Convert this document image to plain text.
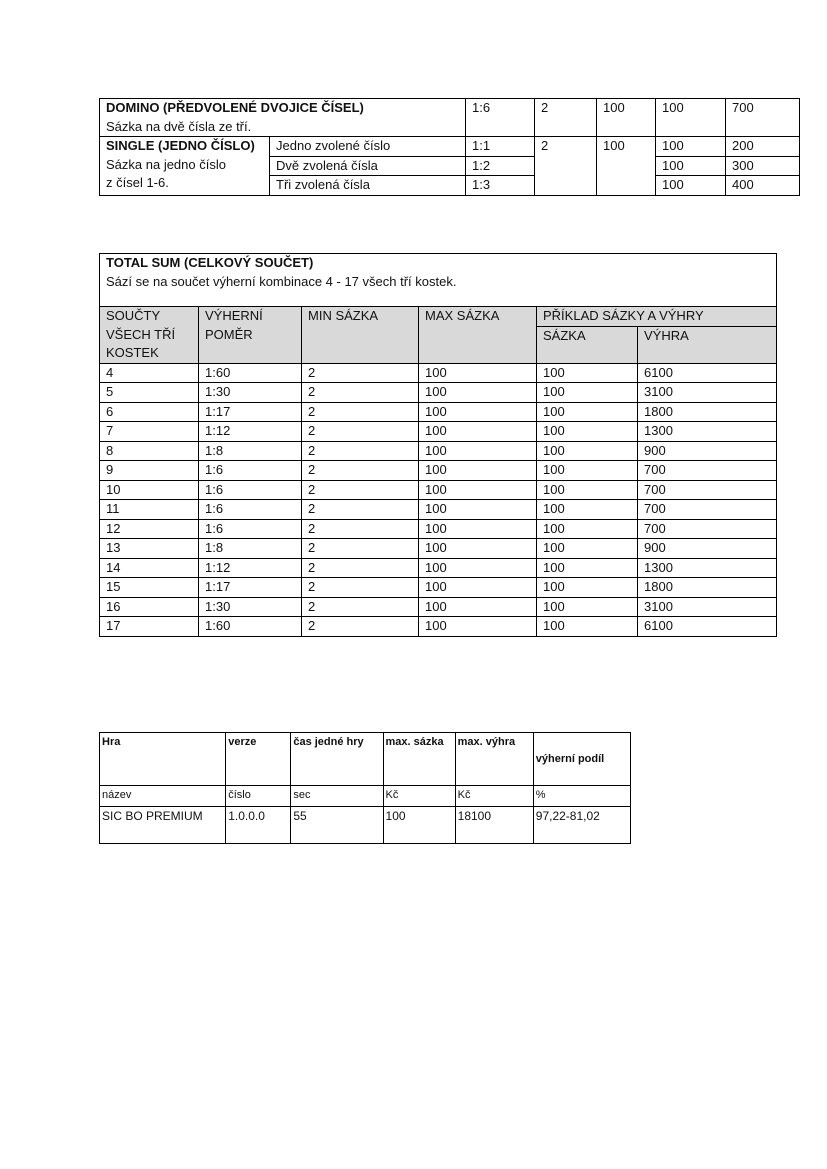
DOMINO (PŘEDVOLENÉ DVOJICE ČÍSEL)
Sázka na dvě čísla ze tří.		1:6	2	100	100	700

SINGLE (JEDNO ČÍSLO)
Sázka na jedno číslo
z čísel 1-6.	Jedno zvolené číslo	1:1	2	100	100	200
	Dvě zvolená čísla	1:2			100	300
	Tři zvolená čísla	1:3			100	400
TOTAL SUM (CELKOVÝ SOUČET)
Sází se na součet výherní kombinace 4 - 17 všech tří kostek.					

SOUČTY VŠECH TŘÍ KOSTEK	VÝHERNÍ POMĚR	MIN SÁZKA	MAX SÁZKA	PŘÍKLAD SÁZKY A VÝHRY	
				SÁZKA	VÝHRA
4	1:60	2	100	100	6100
5	1:30	2	100	100	3100
6	1:17	2	100	100	1800
7	1:12	2	100	100	1300
8	1:8	2	100	100	900
9	1:6	2	100	100	700
10	1:6	2	100	100	700
11	1:6	2	100	100	700
12	1:6	2	100	100	700
13	1:8	2	100	100	900
14	1:12	2	100	100	1300
15	1:17	2	100	100	1800
16	1:30	2	100	100	3100
17	1:60	2	100	100	6100
Hra	verze	čas jedné hry	max. sázka	max. výhra	výherní podíl
název	číslo	sec	Kč	Kč	%
SIC BO PREMIUM	1.0.0.0	55	100	18100	97,22-81,02
